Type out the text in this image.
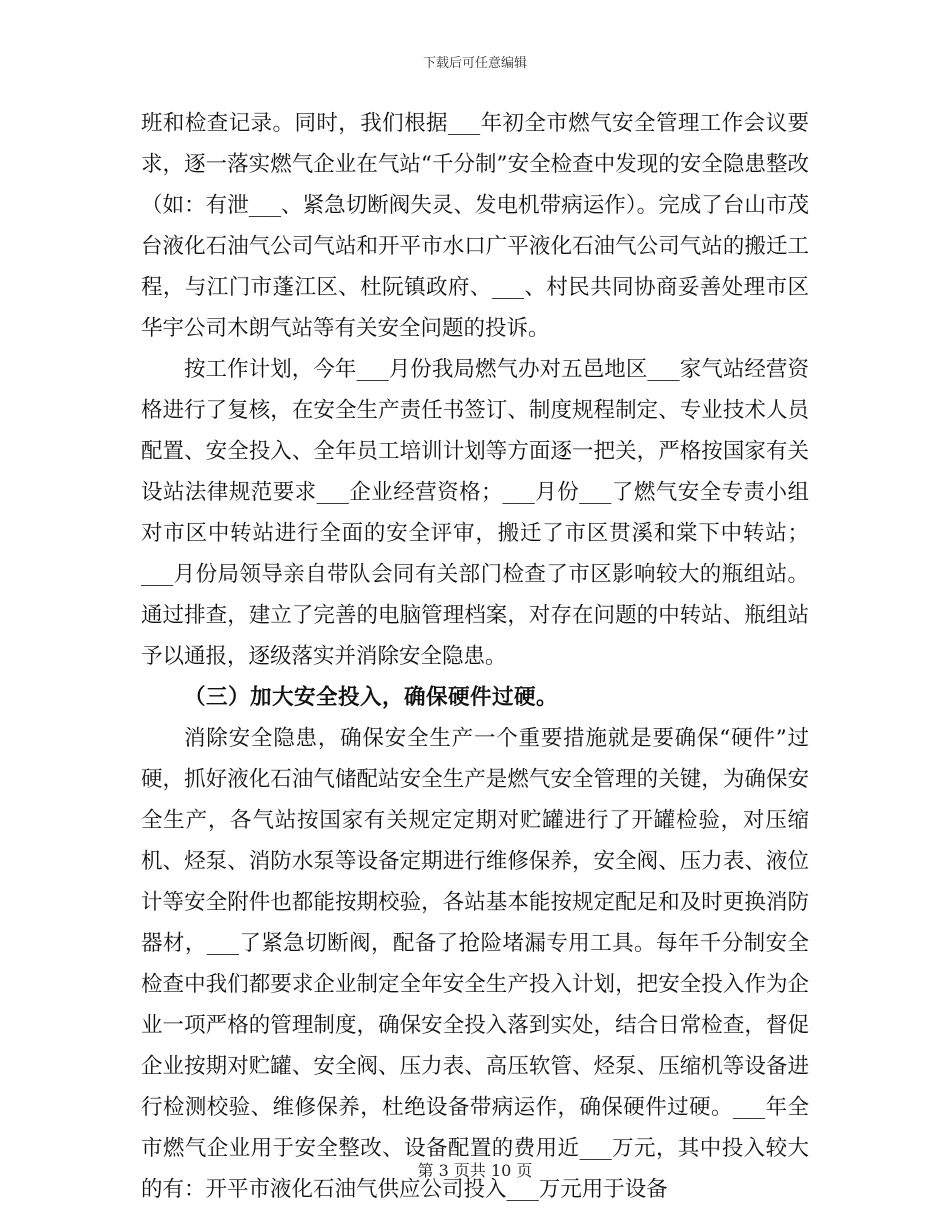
下载后可任意编辑

班和检查记录。同时，我们根据___年初全市燃气安全管理工作会议要求，逐一落实燃气企业在气站“千分制”安全检查中发现的安全隐患整改（如：有泄___、紧急切断阀失灵、发电机带病运作）。完成了台山市茂台液化石油气公司气站和开平市水口广平液化石油气公司气站的搬迁工程，与江门市蓬江区、杜阮镇政府、___、村民共同协商妥善处理市区华宇公司木朗气站等有关安全问题的投诉。

按工作计划，今年___月份我局燃气办对五邑地区___家气站经营资格进行了复核，在安全生产责任书签订、制度规程制定、专业技术人员配置、安全投入、全年员工培训计划等方面逐一把关，严格按国家有关设站法律规范要求___企业经营资格；___月份___了燃气安全专责小组对市区中转站进行全面的安全评审，搬迁了市区贯溪和棠下中转站；___月份局领导亲自带队会同有关部门检查了市区影响较大的瓶组站。通过排查，建立了完善的电脑管理档案，对存在问题的中转站、瓶组站予以通报，逐级落实并消除安全隐患。

（三）加大安全投入，确保硬件过硬。

消除安全隐患，确保安全生产一个重要措施就是要确保“硬件”过硬，抓好液化石油气储配站安全生产是燃气安全管理的关键，为确保安全生产，各气站按国家有关规定定期对贮罐进行了开罐检验，对压缩机、烃泵、消防水泵等设备定期进行维修保养，安全阀、压力表、液位计等安全附件也都能按期校验，各站基本能按规定配足和及时更换消防器材，___了紧急切断阀，配备了抢险堵漏专用工具。每年千分制安全检查中我们都要求企业制定全年安全生产投入计划，把安全投入作为企业一项严格的管理制度，确保安全投入落到实处，结合日常检查，督促企业按期对贮罐、安全阀、压力表、高压软管、烃泵、压缩机等设备进行检测校验、维修保养，杜绝设备带病运作，确保硬件过硬。___年全市燃气企业用于安全整改、设备配置的费用近___万元，其中投入较大的有：开平市液化石油气供应公司投入___万元用于设备

第 3 页共 10 页
